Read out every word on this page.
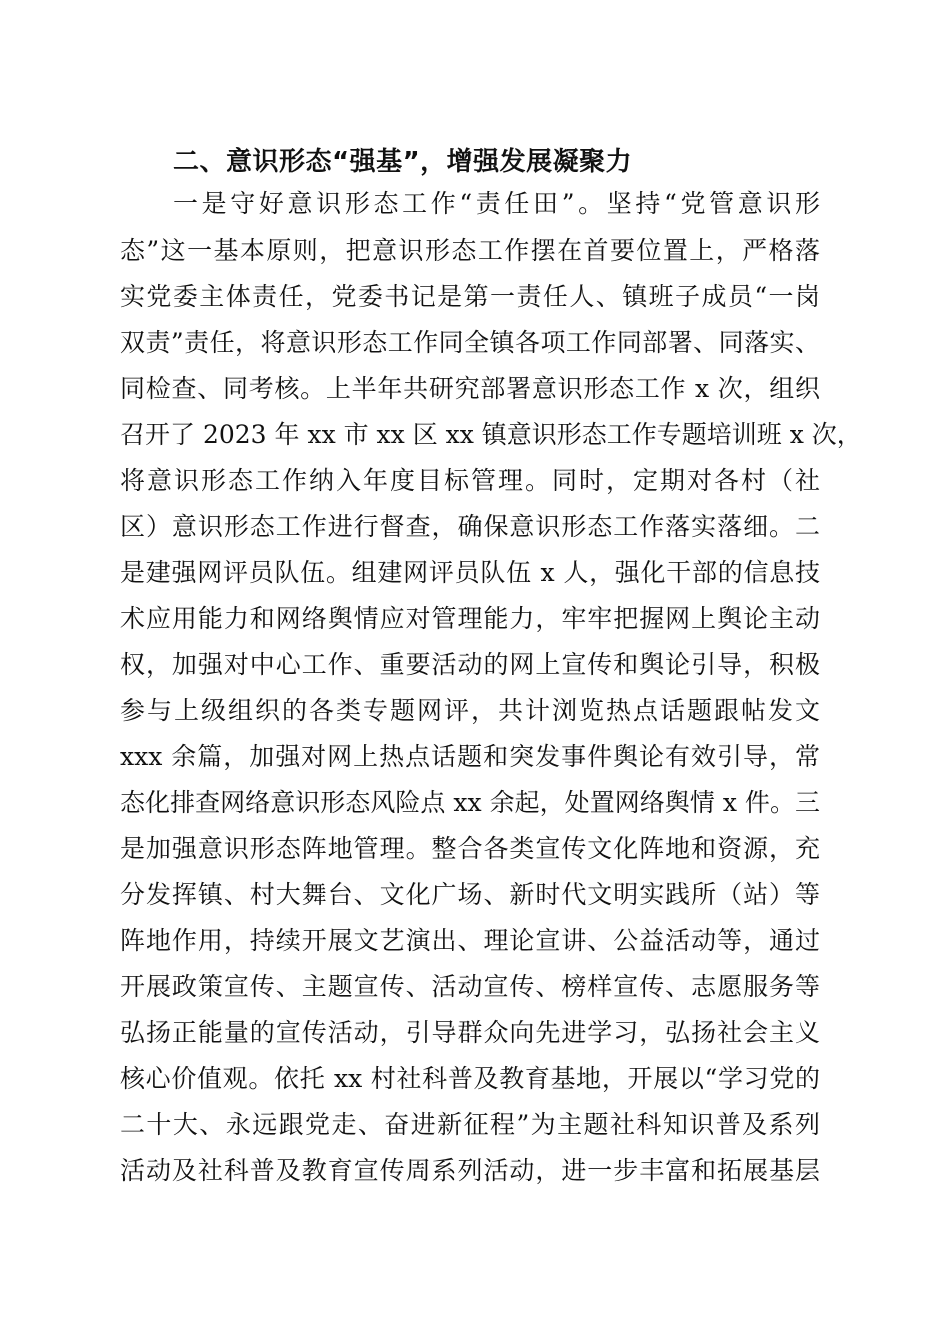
二、意识形态“强基”，增强发展凝聚力
一是守好意识形态工作“责任田”。坚持“党管意识形
态”这一基本原则，把意识形态工作摆在首要位置上，严格落
实党委主体责任，党委书记是第一责任人、镇班子成员“一岗
双责”责任，将意识形态工作同全镇各项工作同部署、同落实、
同检查、同考核。上半年共研究部署意识形态工作 x 次，组织
召开了 2023 年 xx 市 xx 区 xx 镇意识形态工作专题培训班 x 次，
将意识形态工作纳入年度目标管理。同时，定期对各村（社
区）意识形态工作进行督查，确保意识形态工作落实落细。二
是建强网评员队伍。组建网评员队伍 x 人，强化干部的信息技
术应用能力和网络舆情应对管理能力，牢牢把握网上舆论主动
权，加强对中心工作、重要活动的网上宣传和舆论引导，积极
参与上级组织的各类专题网评，共计浏览热点话题跟帖发文
xxx 余篇，加强对网上热点话题和突发事件舆论有效引导，常
态化排查网络意识形态风险点 xx 余起，处置网络舆情 x 件。三
是加强意识形态阵地管理。整合各类宣传文化阵地和资源，充
分发挥镇、村大舞台、文化广场、新时代文明实践所（站）等
阵地作用，持续开展文艺演出、理论宣讲、公益活动等，通过
开展政策宣传、主题宣传、活动宣传、榜样宣传、志愿服务等
弘扬正能量的宣传活动，引导群众向先进学习，弘扬社会主义
核心价值观。依托 xx 村社科普及教育基地，开展以“学习党的
二十大、永远跟党走、奋进新征程”为主题社科知识普及系列
活动及社科普及教育宣传周系列活动，进一步丰富和拓展基层
